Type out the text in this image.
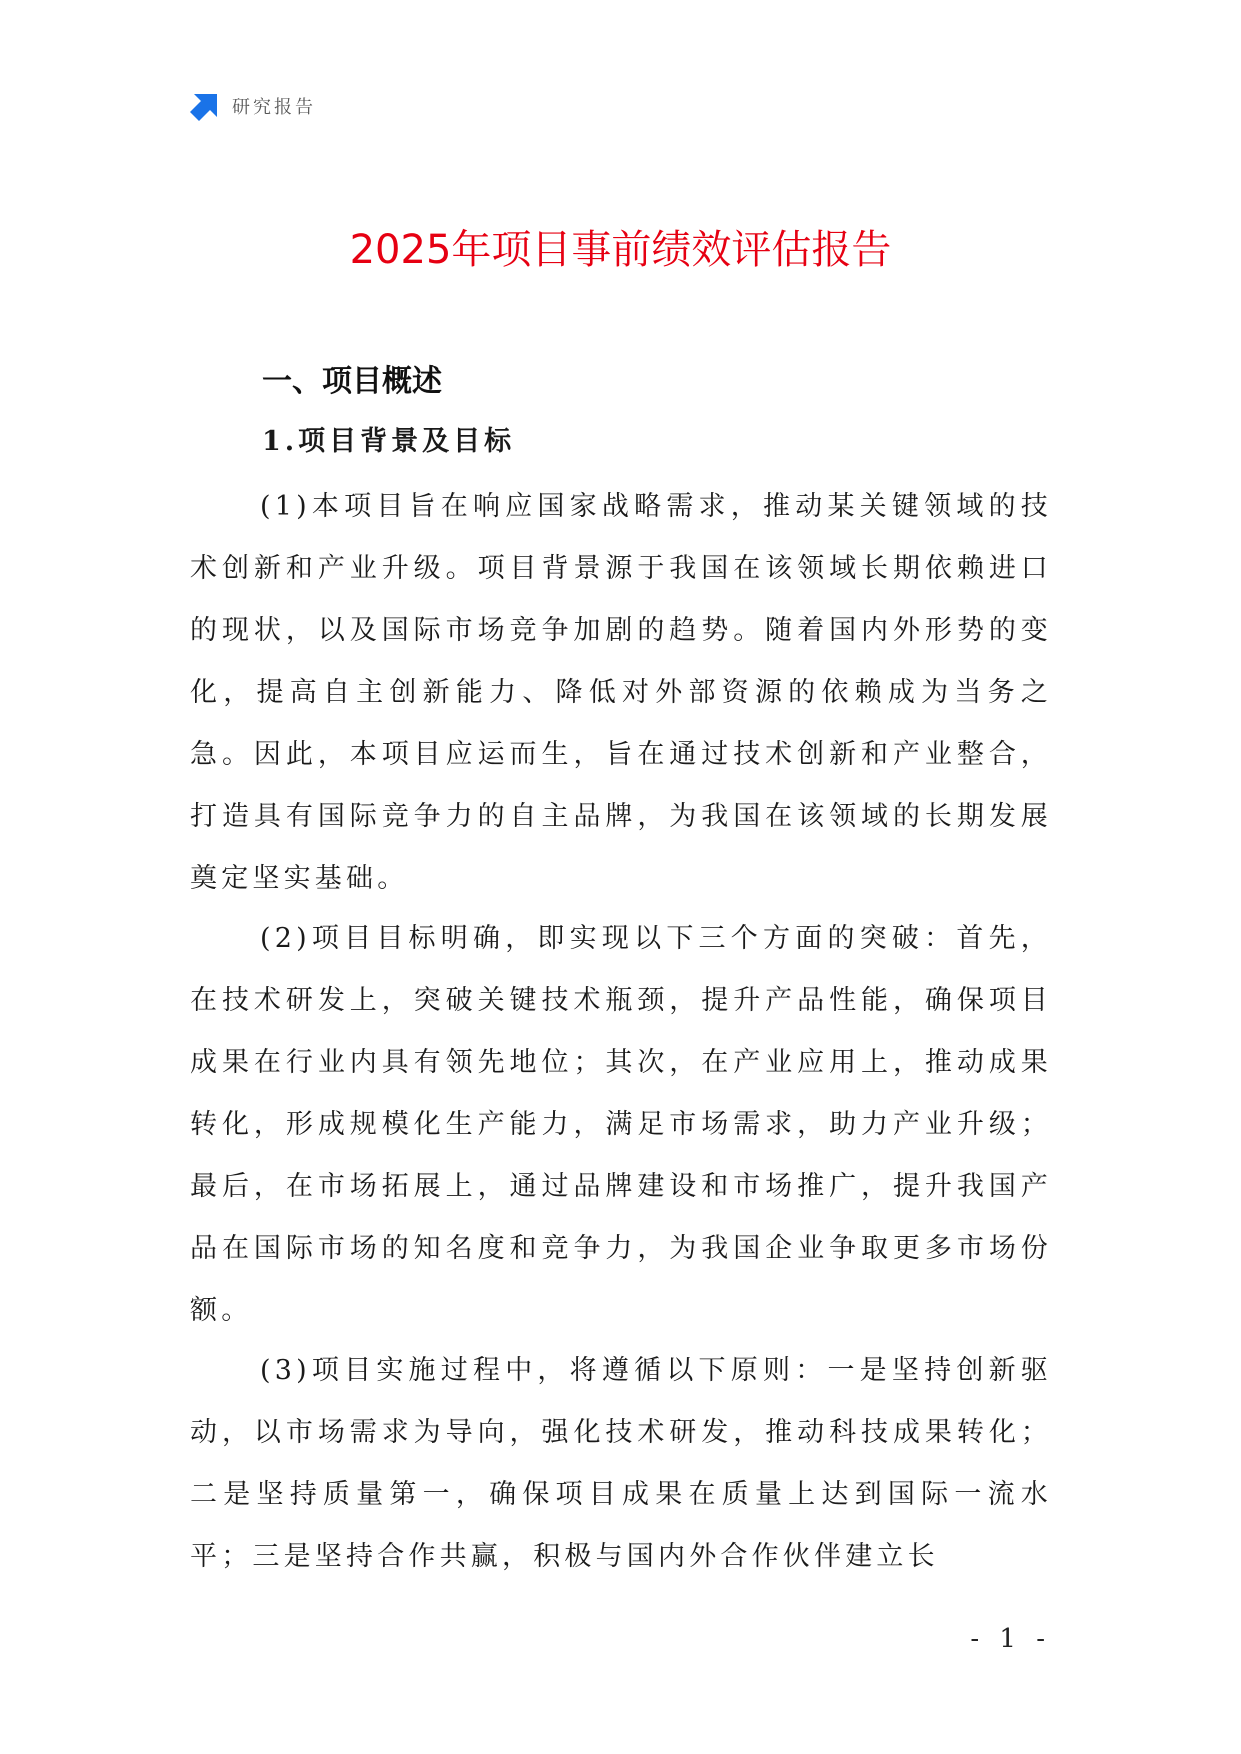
研究报告
2025年项目事前绩效评估报告
一、项目概述
1.项目背景及目标

(1)本项目旨在响应国家战略需求，推动某关键领域的技术创新和产业升级。项目背景源于我国在该领域长期依赖进口的现状，以及国际市场竞争加剧的趋势。随着国内外形势的变化，提高自主创新能力、降低对外部资源的依赖成为当务之急。因此，本项目应运而生，旨在通过技术创新和产业整合，打造具有国际竞争力的自主品牌，为我国在该领域的长期发展奠定坚实基础。

(2)项目目标明确，即实现以下三个方面的突破：首先，在技术研发上，突破关键技术瓶颈，提升产品性能，确保项目成果在行业内具有领先地位；其次，在产业应用上，推动成果转化，形成规模化生产能力，满足市场需求，助力产业升级；最后，在市场拓展上，通过品牌建设和市场推广，提升我国产品在国际市场的知名度和竞争力，为我国企业争取更多市场份额。

(3)项目实施过程中，将遵循以下原则：一是坚持创新驱动，以市场需求为导向，强化技术研发，推动科技成果转化；二是坚持质量第一，确保项目成果在质量上达到国际一流水平；三是坚持合作共赢，积极与国内外合作伙伴建立长

- 1 -
